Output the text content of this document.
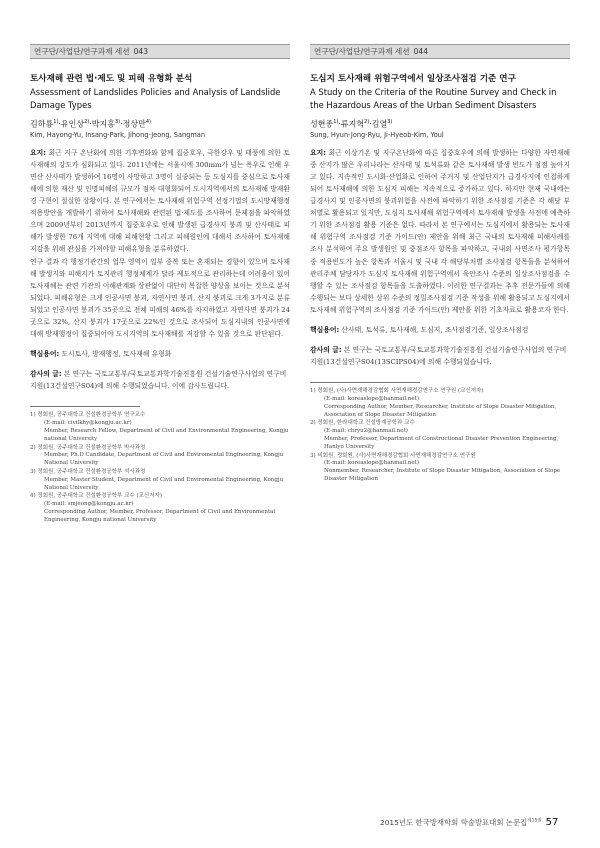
연구단/사업단/연구과제 세션 043
토사재해 관련 법·제도 및 피해 유형화 분석
Assessment of Landslides Policies and Analysis of Landslide Damage Types
김하룡$^{1)}$·유인상$^{2)}$·박지홍$^{3)}$·정상만$^{4)}$
Kim, Hayong-Yu, Insang-Park, Jihong-Jeong, Sangman

요지: 최근 지구 온난화에 의한 기후변화와 함께 집중호우, 극한강우 및 태풍에 의한 토사재해의 강도가 심화되고 있다. 2011년에는 서울시에 300mm가 넘는 폭우로 인해 우면산 산사태가 발생하여 16명이 사망하고 3명이 실종되는 등 도심지를 중심으로 토사재해에 의한 재산 및 인명피해의 규모가 점차 대형화되어 도시지역에서의 토사재해 방재환경 구현이 절실한 상황이다. 본 연구에서는 토사재해 위험구역 선정기법의 도시방재행정 적용방안을 개발하기 위하여 토사재해와 관련된 법·제도를 조사하여 문제점을 파악하였으며 2009년부터 2013년까지 집중호우로 인해 발생된 급경사지 붕괴 및 산사태로 피해가 발생한 76개 지역에 대해 피해현황 그리고 피해원인에 대해서 조사하여 토사재해 저감을 위해 관심을 가져야할 피해유형을 분류하였다.

연구 결과 각 행정기관간의 업무 영역이 일부 중복 또는 혼재되는 경향이 있으며 토사재해 발생지와 피해지가 토지관리 행정체계가 달라 제도적으로 관리하는데 어려움이 있어 토사재해는 관련 기관의 이해관계와 상관없이 대단히 복잡한 양상을 보이는 것으로 분석되었다. 피해유형은 크게 인공사면 붕괴, 자연사면 붕괴, 산지 붕괴로 크게 3가지로 분류되었고 인공사면 붕괴가 35곳으로 전체 피해의 46%를 차지하였고 자연사면 붕괴가 24곳으로 32%, 산지 붕괴가 17곳으로 22%인 것으로 조사되어 도심지내의 인공사면에 대해 방재행정이 집중되어야 도시지역의 토사재해를 저감할 수 있을 것으로 판단된다.

핵심용어: 도시토사, 방재행정, 토사재해 유형화

감사의 글: 본 연구는 국토교통부/국토교통과학기술진흥원 건설기술연구사업의 연구비지원(13건설연구S04)에 의해 수행되었습니다. 이에 감사드립니다.

1) 정회원, 공주대학교 건설환경공학부 연구교수
(E-mail: civilkhy@kongju.ac.kr)
Member, Research Fellow, Department of Civil and Environmental Engineering, Kongju national University
2) 정회원, 공주대학교 건설환경공학부 박사과정
Member, Ph.D Candidate, Department of Civil and Enviromental Engineering, Kongju National University
3) 정회원, 공주대학교 건설환경공학부 석사과정
Member, Master Student, Department of Civil and Enviromental Engineering, Kongju National University
4) 정회원, 공주대학교 건설환경공학부 교수 (교신저자)
(E-mail: smjeong@kongju.ac.kr)
Corresponding Author, Member, Professor, Department of Civil and Environmental Engineering, Kongju national University
연구단/사업단/연구과제 세션 044
도심지 토사재해 위험구역에서 일상조사점검 기준 연구
A Study on the Criteria of the Routine Survey and Check in the Hazardous Areas of the Urban Sediment Disasters
성현종$^{1)}$·류지혁$^{2)}$·김열$^{3)}$
Sung, Hyun-Jong-Ryu, Ji-Hyeob-Kim, Youl

요지: 최근 이상기온 및 지구온난화에 따른 집중호우에 의해 발생하는 다양한 자연재해 중 산지가 많은 우리나라는 산사태 및 토석류와 같은 토사재해 발생 빈도가 점점 높아지고 있다. 지속적인 도시화·산업화로 인하여 주거지 및 산업단지가 급경사지에 인접하게 되어 토사재해에 의한 도심지 피해는 지속적으로 증가하고 있다. 하지만 현재 국내에는 급경사지 및 인공사면의 붕괴위험을 사전에 파악하기 위한 조사점검 기준은 각 해당 부처별로 활용되고 있지만, 도심지 토사재해 위험구역에서 토사재해 발생을 사전에 예측하기 위한 조사점검 활용 기준은 없다. 따라서 본 연구에서는 도심지에서 활용되는 토사재해 위험구역 조사점검 기준 가이드(안) 제안을 위해 최근 국내의 토사재해 피해사례를 조사 분석하여 주요 발생원인 및 중점조사 항목을 파악하고, 국내외 사면조사 평가항목 중 적용빈도가 높은 항목과 서울시 및 국내 각 해당부처별 조사점검 항목들을 분석하여 관리주체 담당자가 도심지 토사재해 위험구역에서 육안조사 수준의 일상조사점검을 수행할 수 있는 조사점검 항목들을 도출하였다. 이러한 연구결과는 추후 전문가들에 의해 수행되는 보다 상세한 상위 수준의 정밀조사점검 기준 작성을 위해 활용되고 도심지에서 토사재해 위험구역의 조사점검 기준 가이드(안) 제안을 위한 기초자료로 활용코자 한다.

핵심용어: 산사태, 토석류, 토사재해, 도심지, 조사점검기준, 일상조사점검

감사의 글: 본 연구는 국토교통부/국토교통과학기술진흥원 건설기술연구사업의 연구비 지원(13건설연구S04(13SCIPS04)에 의해 수행되었습니다.

1) 정회원, (사)사면재해경감협회 사면재해경감연구소 연구원 (교신저자)
(E-mail: koreaslope@hanmail.net)
Corresponding Author, Member, Researcher, Institute of Slope Disaster Mitigation, Association of Slope Disaster Mitigation
2) 정회원, 한라대학교 건설방재공학과 교수
(E-mail: chryu2@hanmail.net)
Member, Professor, Department of Constructional Disaster Prevention Engineering, Hanlyo University
3) 비회원, 정회원, (사)사면재해경감협회 사면재해경감연구소 연구원
(E-mail: koreaslope@hanmail.net)
Nonmember, Researcher, Institute of Slope Disaster Mitigation, Association of Slope Disaster Mitigation
2015년도 한국방재학회 학술발표대회 논문집$^{제15권}$ 57
